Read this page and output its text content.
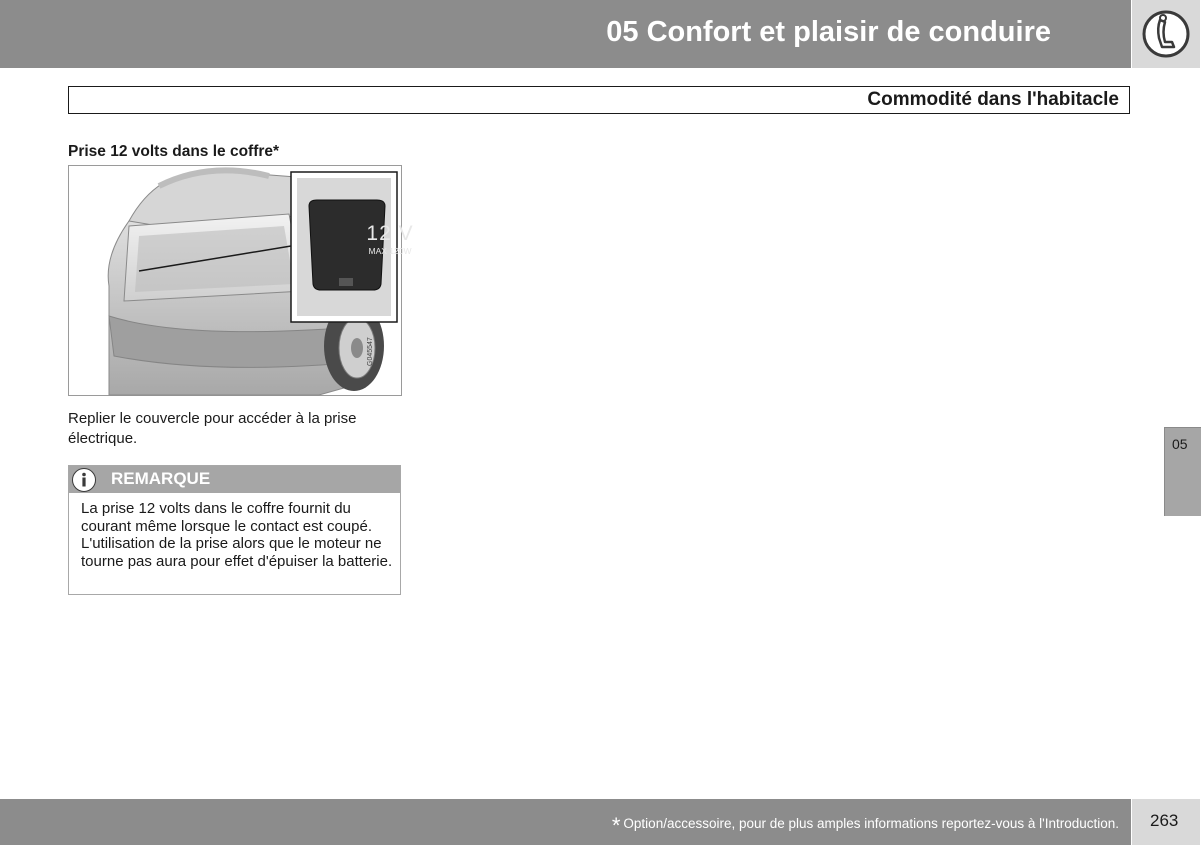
05 Confort et plaisir de conduire
Commodité dans l'habitacle
Prise 12 volts dans le coffre*
12 V
MAX 120W
G045547
Replier le couvercle pour accéder à la prise électrique.
REMARQUE
La prise 12 volts dans le coffre fournit du courant même lorsque le contact est coupé. L'utilisation de la prise alors que le moteur ne tourne pas aura pour effet d'épuiser la batterie.
05
* Option/accessoire, pour de plus amples informations reportez-vous à l'Introduction. 263
